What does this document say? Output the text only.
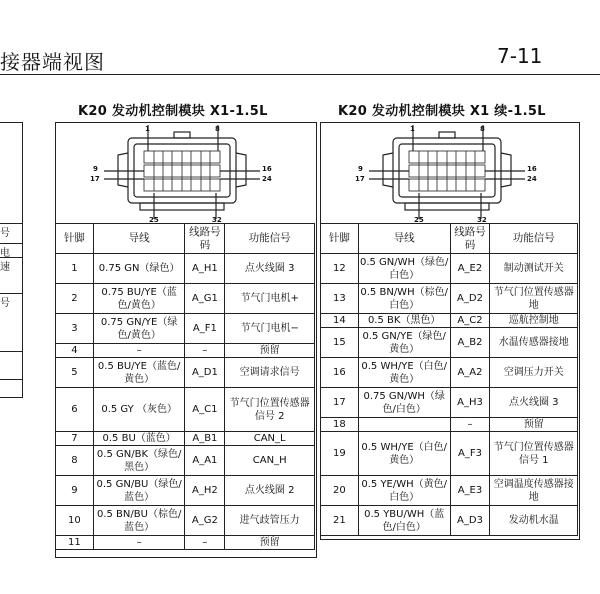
接器端视图	7-11
号
电
速
号
K20 发动机控制模块 X1-1.5L
1	8
9
17
16
24
25	32
针脚	导线	线路号码	功能信号
1	0.75 GN（绿色）	A_H1	点火线圈 3
2	0.75 BU/YE（蓝色/黄色）	A_G1	节气门电机+
3	0.75 GN/YE（绿色/黄色）	A_F1	节气门电机−
4	–	–	预留
5	0.5 BU/YE（蓝色/黄色）	A_D1	空调请求信号
6	0.5 GY （灰色）	A_C1	节气门位置传感器信号 2
7	0.5 BU（蓝色）	A_B1	CAN_L
8	0.5 GN/BK（绿色/黑色）	A_A1	CAN_H
9	0.5 GN/BU（绿色/蓝色）	A_H2	点火线圈 2
10	0.5 BN/BU（棕色/蓝色）	A_G2	进气歧管压力
11	–	–	预留
K20 发动机控制模块 X1 续-1.5L
1	8
9
17
16
24
25	32
针脚	导线	线路号码	功能信号
12	0.5 GN/WH（绿色/白色）	A_E2	制动测试开关
13	0.5 BN/WH（棕色/白色）	A_D2	节气门位置传感器地
14	0.5 BK（黑色）	A_C2	巡航控制地
15	0.5 GN/YE（绿色/黄色）	A_B2	水温传感器接地
16	0.5 WH/YE（白色/黄色）	A_A2	空调压力开关
17	0.75 GN/WH（绿色/白色）	A_H3	点火线圈 3
18		–	预留
19	0.5 WH/YE（白色/黄色）	A_F3	节气门位置传感器信号 1
20	0.5 YE/WH（黄色/白色）	A_E3	空调温度传感器接地
21	0.5 YBU/WH（蓝色/白色）	A_D3	发动机水温
